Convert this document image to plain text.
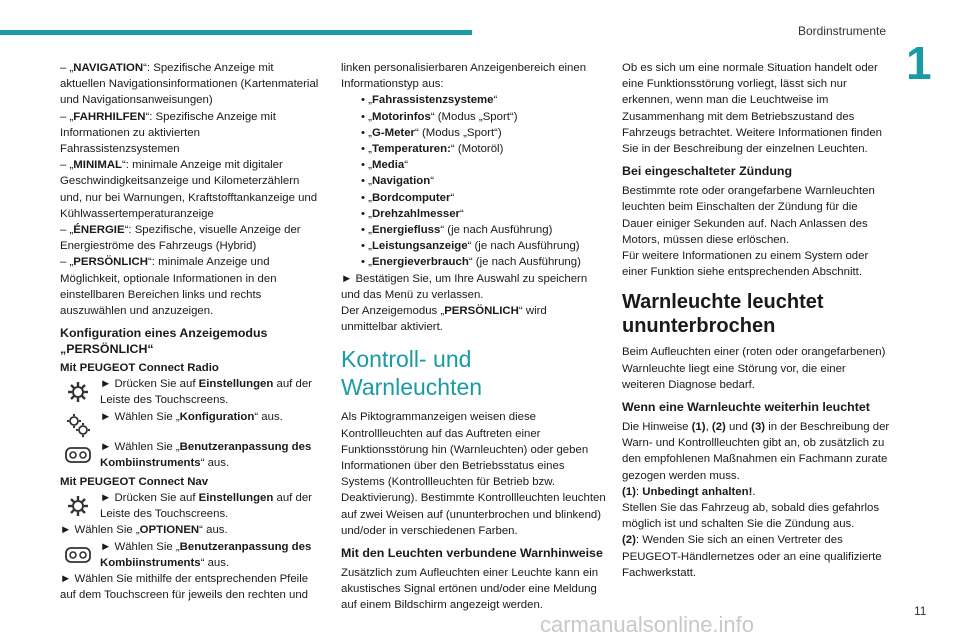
Bordinstrumente
1

– „NAVIGATION“: Spezifische Anzeige mit aktuellen Navigationsinformationen (Kartenmaterial und Navigationsanweisungen)

– „FAHRHILFEN“: Spezifische Anzeige mit Informationen zu aktivierten Fahrassistenzsystemen

– „MINIMAL“: minimale Anzeige mit digitaler Geschwindigkeitsanzeige und Kilometerzählern und, nur bei Warnungen, Kraftstofftankanzeige und Kühlwassertemperaturanzeige

– „ÉNERGIE“: Spezifische, visuelle Anzeige der Energieströme des Fahrzeugs (Hybrid)

– „PERSÖNLICH“: minimale Anzeige und Möglichkeit, optionale Informationen in den einstellbaren Bereichen links und rechts auszuwählen und anzuzeigen.

Konfiguration eines Anzeigemodus „PERSÖNLICH“
Mit PEUGEOT Connect Radio

► Drücken Sie auf Einstellungen auf der Leiste des Touchscreens.

► Wählen Sie „Konfiguration“ aus.

► Wählen Sie „Benutzeranpassung des Kombiinstruments“ aus.

Mit PEUGEOT Connect Nav

► Drücken Sie auf Einstellungen auf der Leiste des Touchscreens.

► Wählen Sie „OPTIONEN“ aus.

► Wählen Sie „Benutzeranpassung des Kombiinstruments“ aus.

► Wählen Sie mithilfe der entsprechenden Pfeile auf dem Touchscreen für jeweils den rechten und

linken personalisierbaren Anzeigenbereich einen Informationstyp aus:

• „Fahrassistenzsysteme“

• „Motorinfos“ (Modus „Sport“)

• „G-Meter“ (Modus „Sport“)

• „Temperaturen:“ (Motoröl)

• „Media“

• „Navigation“

• „Bordcomputer“

• „Drehzahlmesser“

• „Energiefluss“ (je nach Ausführung)

• „Leistungsanzeige“ (je nach Ausführung)

• „Energieverbrauch“ (je nach Ausführung)

► Bestätigen Sie, um Ihre Auswahl zu speichern und das Menü zu verlassen.

Der Anzeigemodus „PERSÖNLICH“ wird unmittelbar aktiviert.

Kontroll- und Warnleuchten

Als Piktogrammanzeigen weisen diese Kontrollleuchten auf das Auftreten einer Funktionsstörung hin (Warnleuchten) oder geben Informationen über den Betriebsstatus eines Systems (Kontrollleuchten für Betrieb bzw. Deaktivierung). Bestimmte Kontrollleuchten leuchten auf zwei Weisen auf (ununterbrochen und blinkend) und/oder in verschiedenen Farben.

Mit den Leuchten verbundene Warnhinweise

Zusätzlich zum Aufleuchten einer Leuchte kann ein akustisches Signal ertönen und/oder eine Meldung auf einem Bildschirm angezeigt werden.

Ob es sich um eine normale Situation handelt oder eine Funktionsstörung vorliegt, lässt sich nur erkennen, wenn man die Leuchtweise im Zusammenhang mit dem Betriebszustand des Fahrzeugs betrachtet. Weitere Informationen finden Sie in der Beschreibung der einzelnen Leuchten.

Bei eingeschalteter Zündung

Bestimmte rote oder orangefarbene Warnleuchten leuchten beim Einschalten der Zündung für die Dauer einiger Sekunden auf. Nach Anlassen des Motors, müssen diese erlöschen.

Für weitere Informationen zu einem System oder einer Funktion siehe entsprechenden Abschnitt.

Warnleuchte leuchtet ununterbrochen

Beim Aufleuchten einer (roten oder orangefarbenen) Warnleuchte liegt eine Störung vor, die einer weiteren Diagnose bedarf.

Wenn eine Warnleuchte weiterhin leuchtet

Die Hinweise (1), (2) und (3) in der Beschreibung der Warn- und Kontrollleuchten gibt an, ob zusätzlich zu den empfohlenen Maßnahmen ein Fachmann zurate gezogen werden muss.

(1): Unbedingt anhalten!.

Stellen Sie das Fahrzeug ab, sobald dies gefahrlos möglich ist und schalten Sie die Zündung aus.

(2): Wenden Sie sich an einen Vertreter des PEUGEOT-Händlernetzes oder an eine qualifizierte Fachwerkstatt.

carmanualsonline.info
11
